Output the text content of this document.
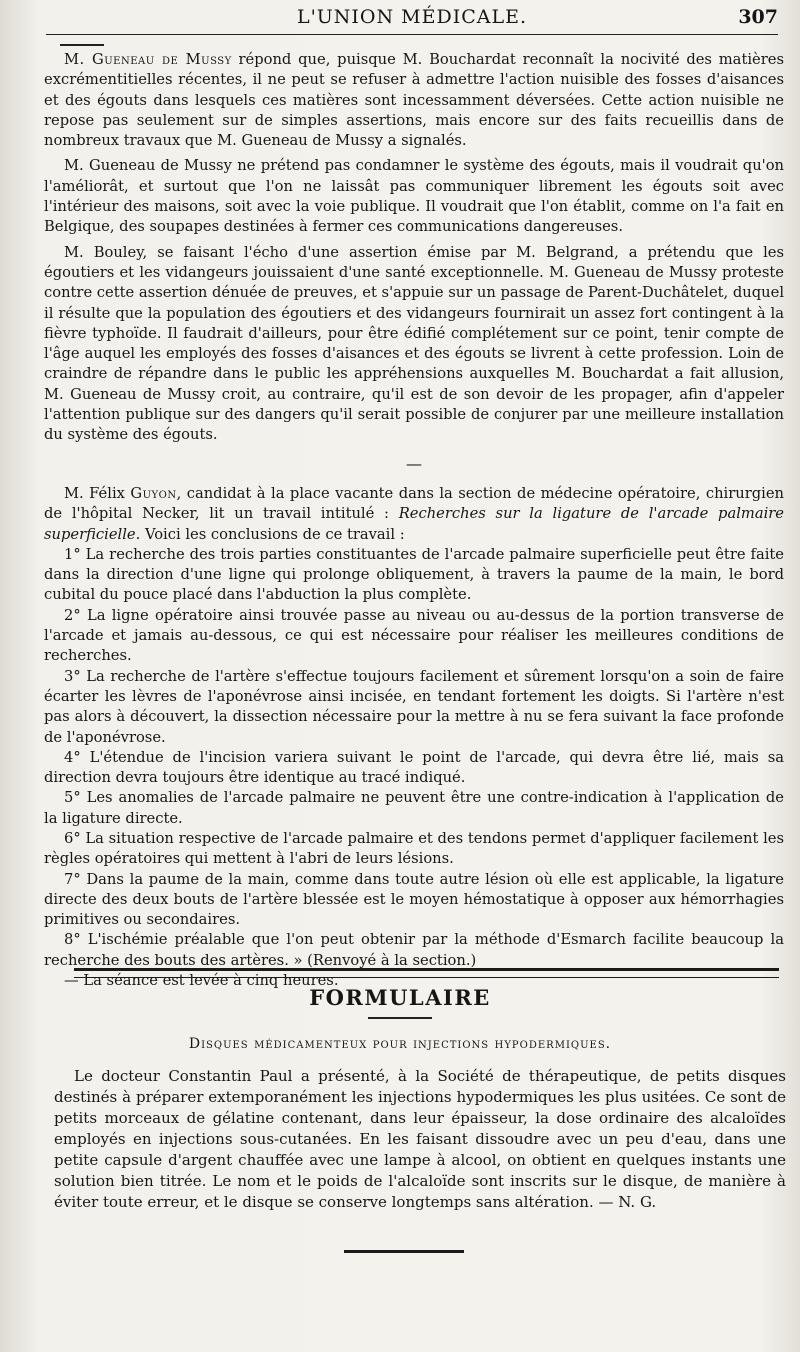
L'UNION MÉDICALE.	307

M. Gueneau de Mussy répond que, puisque M. Bouchardat reconnaît la nocivité des matières excrémentitielles récentes, il ne peut se refuser à admettre l'action nuisible des fosses d'aisances et des égouts dans lesquels ces matières sont incessamment déversées. Cette action nuisible ne repose pas seulement sur de simples assertions, mais encore sur des faits recueillis dans de nombreux travaux que M. Gueneau de Mussy a signalés.

M. Gueneau de Mussy ne prétend pas condamner le système des égouts, mais il voudrait qu'on l'améliorât, et surtout que l'on ne laissât pas communiquer librement les égouts soit avec l'intérieur des maisons, soit avec la voie publique. Il voudrait que l'on établit, comme on l'a fait en Belgique, des soupapes destinées à fermer ces communications dangereuses.

M. Bouley, se faisant l'écho d'une assertion émise par M. Belgrand, a prétendu que les égoutiers et les vidangeurs jouissaient d'une santé exceptionnelle. M. Gueneau de Mussy proteste contre cette assertion dénuée de preuves, et s'appuie sur un passage de Parent-Duchâtelet, duquel il résulte que la population des égoutiers et des vidangeurs fournirait un assez fort contingent à la fièvre typhoïde. Il faudrait d'ailleurs, pour être édifié complétement sur ce point, tenir compte de l'âge auquel les employés des fosses d'aisances et des égouts se livrent à cette profession. Loin de craindre de répandre dans le public les appréhensions auxquelles M. Bouchardat a fait allusion, M. Gueneau de Mussy croit, au contraire, qu'il est de son devoir de les propager, afin d'appeler l'attention publique sur des dangers qu'il serait possible de conjurer par une meilleure installation du système des égouts.

—

M. Félix Guyon, candidat à la place vacante dans la section de médecine opératoire, chirurgien de l'hôpital Necker, lit un travail intitulé : Recherches sur la ligature de l'arcade palmaire superficielle. Voici les conclusions de ce travail :

1° La recherche des trois parties constituantes de l'arcade palmaire superficielle peut être faite dans la direction d'une ligne qui prolonge obliquement, à travers la paume de la main, le bord cubital du pouce placé dans l'abduction la plus complète.

2° La ligne opératoire ainsi trouvée passe au niveau ou au-dessus de la portion transverse de l'arcade et jamais au-dessous, ce qui est nécessaire pour réaliser les meilleures conditions de recherches.

3° La recherche de l'artère s'effectue toujours facilement et sûrement lorsqu'on a soin de faire écarter les lèvres de l'aponévrose ainsi incisée, en tendant fortement les doigts. Si l'artère n'est pas alors à découvert, la dissection nécessaire pour la mettre à nu se fera suivant la face profonde de l'aponévrose.

4° L'étendue de l'incision variera suivant le point de l'arcade, qui devra être lié, mais sa direction devra toujours être identique au tracé indiqué.

5° Les anomalies de l'arcade palmaire ne peuvent être une contre-indication à l'application de la ligature directe.

6° La situation respective de l'arcade palmaire et des tendons permet d'appliquer facilement les règles opératoires qui mettent à l'abri de leurs lésions.

7° Dans la paume de la main, comme dans toute autre lésion où elle est applicable, la ligature directe des deux bouts de l'artère blessée est le moyen hémostatique à opposer aux hémorrhagies primitives ou secondaires.

8° L'ischémie préalable que l'on peut obtenir par la méthode d'Esmarch facilite beaucoup la recherche des bouts des artères. » (Renvoyé à la section.)

— La séance est levée à cinq heures.

FORMULAIRE
Disques médicamenteux pour injections hypodermiques.

Le docteur Constantin Paul a présenté, à la Société de thérapeutique, de petits disques destinés à préparer extemporanément les injections hypodermiques les plus usitées. Ce sont de petits morceaux de gélatine contenant, dans leur épaisseur, la dose ordinaire des alcaloïdes employés en injections sous-cutanées. En les faisant dissoudre avec un peu d'eau, dans une petite capsule d'argent chauffée avec une lampe à alcool, on obtient en quelques instants une solution bien titrée. Le nom et le poids de l'alcaloïde sont inscrits sur le disque, de manière à éviter toute erreur, et le disque se conserve longtemps sans altération. — N. G.
